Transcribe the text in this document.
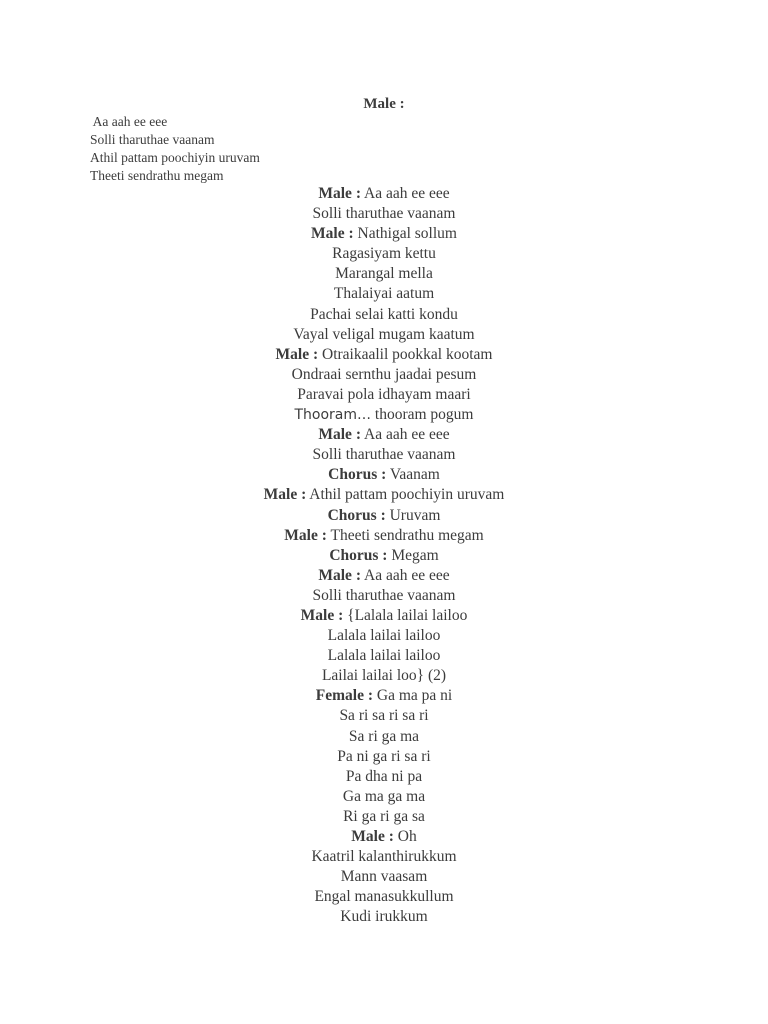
Male :
Aa aah ee eee
Solli tharuthae vaanam
Athil pattam poochiyin uruvam
Theeti sendrathu megam
Male : Aa aah ee eee
Solli tharuthae vaanam
Male : Nathigal sollum
Ragasiyam kettu
Marangal mella
Thalaiyai aatum
Pachai selai katti kondu
Vayal veligal mugam kaatum
Male : Otraikaalil pookkal kootam
Ondraai sernthu jaadai pesum
Paravai pola idhayam maari
Thooram… thooram pogum
Male : Aa aah ee eee
Solli tharuthae vaanam
Chorus : Vaanam
Male : Athil pattam poochiyin uruvam
Chorus : Uruvam
Male : Theeti sendrathu megam
Chorus : Megam
Male : Aa aah ee eee
Solli tharuthae vaanam
Male : {Lalala lailai lailoo
Lalala lailai lailoo
Lalala lailai lailoo
Lailai lailai loo} (2)
Female : Ga ma pa ni
Sa ri sa ri sa ri
Sa ri ga ma
Pa ni ga ri sa ri
Pa dha ni pa
Ga ma ga ma
Ri ga ri ga sa
Male : Oh
Kaatril kalanthirukkum
Mann vaasam
Engal manasukkullum
Kudi irukkum
